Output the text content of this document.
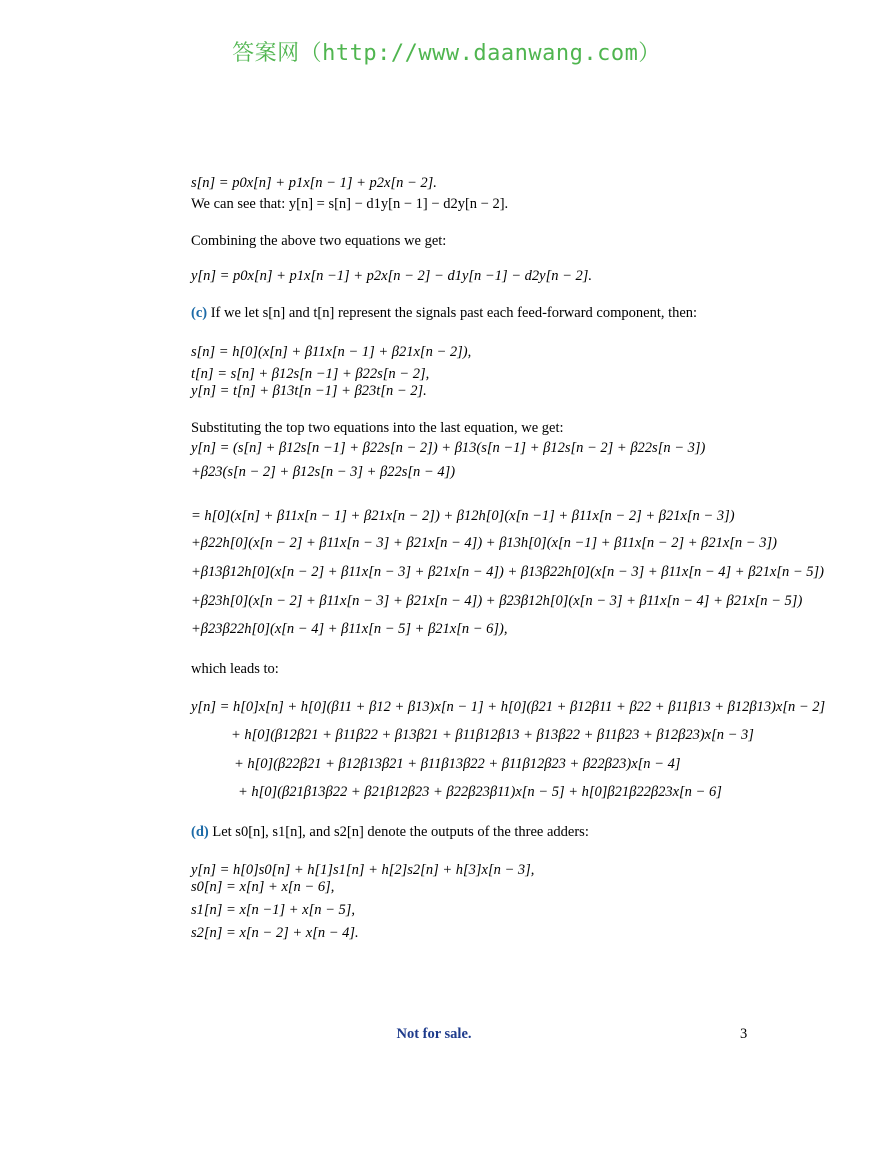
答案网（http://www.daanwang.com）
s[n] = p0x[n] + p1x[n − 1] + p2x[n − 2].
We can see that: y[n] = s[n] − d1y[n − 1] − d2y[n − 2].
Combining the above two equations we get:
y[n] = p0x[n] + p1x[n −1] + p2x[n − 2] − d1y[n −1] − d2y[n − 2].
(c) If we let s[n] and t[n] represent the signals past each feed-forward component, then:
s[n] = h[0](x[n] + β11x[n − 1] + β21x[n − 2]),
t[n] = s[n] + β12s[n −1] + β22s[n − 2],
y[n] = t[n] + β13t[n −1] + β23t[n − 2].
Substituting the top two equations into the last equation, we get:
y[n] = (s[n] + β12s[n −1] + β22s[n − 2]) + β13(s[n −1] + β12s[n − 2] + β22s[n − 3])
+β23(s[n − 2] + β12s[n − 3] + β22s[n − 4])
= h[0](x[n] + β11x[n − 1] + β21x[n − 2]) + β12h[0](x[n −1] + β11x[n − 2] + β21x[n − 3])
+β22h[0](x[n − 2] + β11x[n − 3] + β21x[n − 4]) + β13h[0](x[n −1] + β11x[n − 2] + β21x[n − 3])
+β13β12h[0](x[n − 2] + β11x[n − 3] + β21x[n − 4]) + β13β22h[0](x[n − 3] + β11x[n − 4] + β21x[n − 5])
+β23h[0](x[n − 2] + β11x[n − 3] + β21x[n − 4]) + β23β12h[0](x[n − 3] + β11x[n − 4] + β21x[n − 5])
+β23β22h[0](x[n − 4] + β11x[n − 5] + β21x[n − 6]),
which leads to:
y[n] = h[0]x[n] + h[0](β11 + β12 + β13)x[n − 1] + h[0](β21 + β12β11 + β22 + β11β13 + β12β13)x[n − 2]
+ h[0](β12β21 + β11β22 + β13β21 + β11β12β13 + β13β22 + β11β23 + β12β23)x[n − 3]
+ h[0](β22β21 + β12β13β21 + β11β13β22 + β11β12β23 + β22β23)x[n − 4]
+ h[0](β21β13β22 + β21β12β23 + β22β23β11)x[n − 5] + h[0]β21β22β23x[n − 6]
(d) Let s0[n], s1[n], and s2[n] denote the outputs of the three adders:
y[n] = h[0]s0[n] + h[1]s1[n] + h[2]s2[n] + h[3]x[n − 3],
s0[n] = x[n] + x[n − 6],
s1[n] = x[n −1] + x[n − 5],
s2[n] = x[n − 2] + x[n − 4].
Not for sale.	3
